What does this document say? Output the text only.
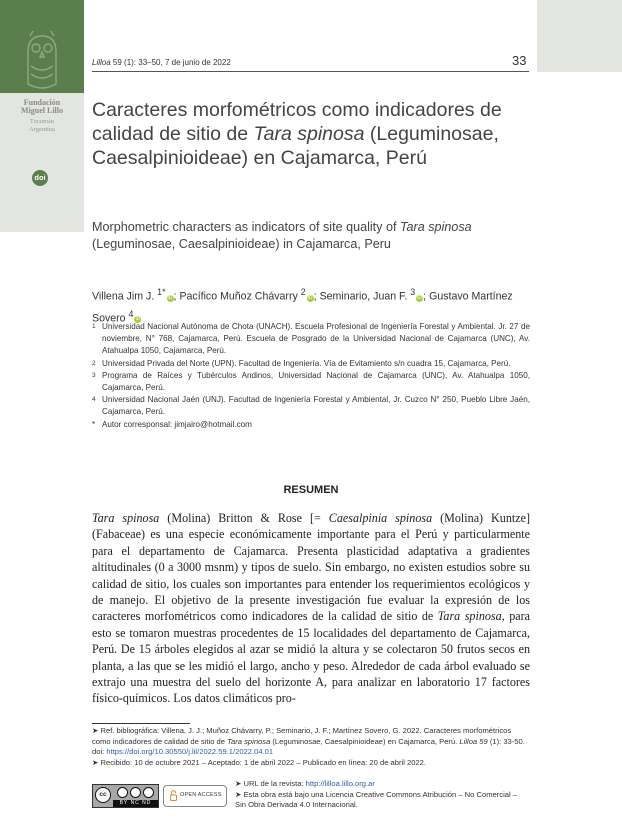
Fundación
Miguel Lillo
Tucumán
Argentina
doi
Lilloa 59 (1): 33–50, 7 de junio de 2022	33
Caracteres morfométricos como indicadores de calidad de sitio de Tara spinosa (Leguminosae, Caesalpinioideae) en Cajamarca, Perú
Morphometric characters as indicators of site quality of Tara spinosa (Leguminosae, Caesalpinioideae) in Cajamarca, Peru
Villena Jim J. $^{1*}$iD; Pacífico Muñoz Chávarry $^2$iD; Seminario, Juan F. $^3$iD; Gustavo Martínez Sovero $^4$iD
1 Universidad Nacional Autónoma de Chota (UNACH). Escuela Profesional de Ingeniería Forestal y Ambiental. Jr. 27 de noviembre, N° 768, Cajamarca, Perú. Escuela de Posgrado de la Universidad Nacional de Cajamarca (UNC), Av. Atahualpa 1050, Cajamarca, Perú.
2 Universidad Privada del Norte (UPN). Facultad de Ingeniería. Vía de Evitamiento s/n cuadra 15, Cajamarca, Perú.
3 Programa de Raíces y Tubérculos Andinos, Universidad Nacional de Cajamarca (UNC), Av. Atahualpa 1050, Cajamarca, Perú.
4 Universidad Nacional Jaén (UNJ). Facultad de Ingeniería Forestal y Ambiental, Jr. Cuzco N° 250, Pueblo Libre Jaén, Cajamarca, Perú.
* Autor corresponsal: jimjairo@hotmail.com
RESUMEN

Tara spinosa (Molina) Britton & Rose [= Caesalpinia spinosa (Molina) Kuntze] (Fabaceae) es una especie económicamente importante para el Perú y particularmente para el departamento de Cajamarca. Presenta plasticidad adaptativa a gradientes altitudinales (0 a 3000 msnm) y tipos de suelo. Sin embargo, no existen estudios sobre su calidad de sitio, los cuales son importantes para entender los requerimientos ecológicos y de manejo. El objetivo de la presente investigación fue evaluar la expresión de los caracteres morfométricos como indicadores de la calidad de sitio de Tara spinosa, para esto se tomaron muestras procedentes de 15 localidades del departamento de Cajamarca, Perú. De 15 árboles elegidos al azar se midió la altura y se colectaron 50 frutos secos en planta, a las que se les midió el largo, ancho y peso. Alrededor de cada árbol evaluado se extrajo una muestra del suelo del horizonte A, para analizar en laboratorio 17 factores físico-químicos. Los datos climáticos pro-

➤ Ref. bibliográfica: Villena, J. J.; Muñoz Chávarry, P.; Seminario, J. F.; Martínez Sovero, G. 2022. Caracteres morfométricos como indicadores de calidad de sitio de Tara spinosa (Leguminosae, Caesalpinioideae) en Cajamarca, Perú. Lilloa 59 (1): 33-50. doi: https://doi.org/10.30550/j.lil/2022.59.1/2022.04.01

➤ Recibido: 10 de octubre 2021 – Aceptado: 1 de abril 2022 – Publicado en línea: 20 de abril 2022.

cc
BY NC ND
OPEN ACCESS

➤ URL de la revista: http://lilloa.lillo.org.ar

➤ Esta obra está bajo una Licencia Creative Commons Atribución – No Comercial – Sin Obra Derivada 4.0 Internacional.
